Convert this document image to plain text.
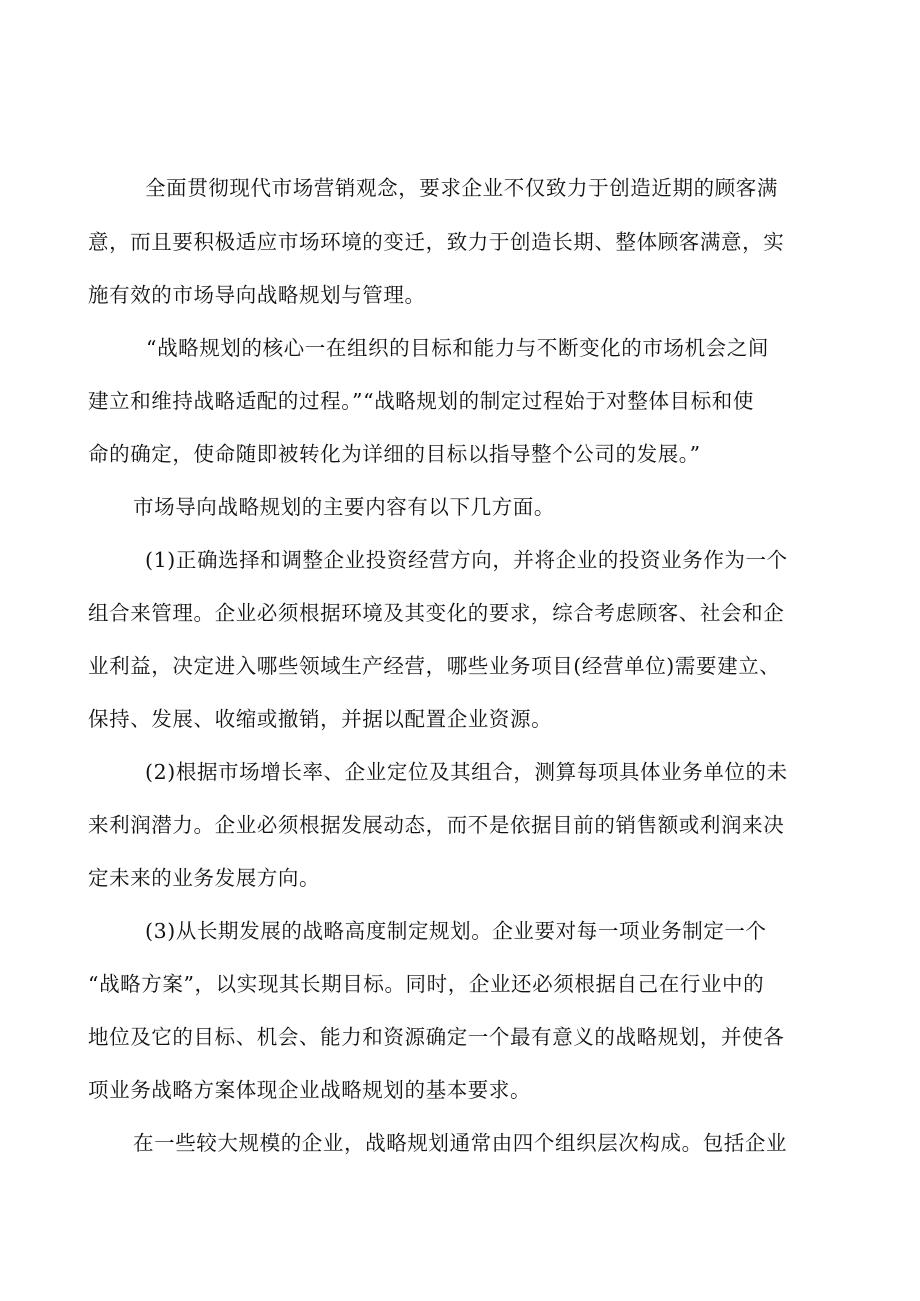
全面贯彻现代市场营销观念，要求企业不仅致力于创造近期的顾客满
意，而且要积极适应市场环境的变迁，致力于创造长期、整体顾客满意，实
施有效的市场导向战略规划与管理。
“战略规划的核心一在组织的目标和能力与不断变化的市场机会之间
建立和维持战略适配的过程。”“战略规划的制定过程始于对整体目标和使
命的确定，使命随即被转化为详细的目标以指导整个公司的发展。”
市场导向战略规划的主要内容有以下几方面。
(1)正确选择和调整企业投资经营方向，并将企业的投资业务作为一个
组合来管理。企业必须根据环境及其变化的要求，综合考虑顾客、社会和企
业利益，决定进入哪些领域生产经营，哪些业务项目(经营单位)需要建立、
保持、发展、收缩或撤销，并据以配置企业资源。
(2)根据市场增长率、企业定位及其组合，测算每项具体业务单位的未
来利润潜力。企业必须根据发展动态，而不是依据目前的销售额或利润来决
定未来的业务发展方向。
(3)从长期发展的战略高度制定规划。企业要对每一项业务制定一个
“战略方案”，以实现其长期目标。同时，企业还必须根据自己在行业中的
地位及它的目标、机会、能力和资源确定一个最有意义的战略规划，并使各
项业务战略方案体现企业战略规划的基本要求。
在一些较大规模的企业，战略规划通常由四个组织层次构成。包括企业
